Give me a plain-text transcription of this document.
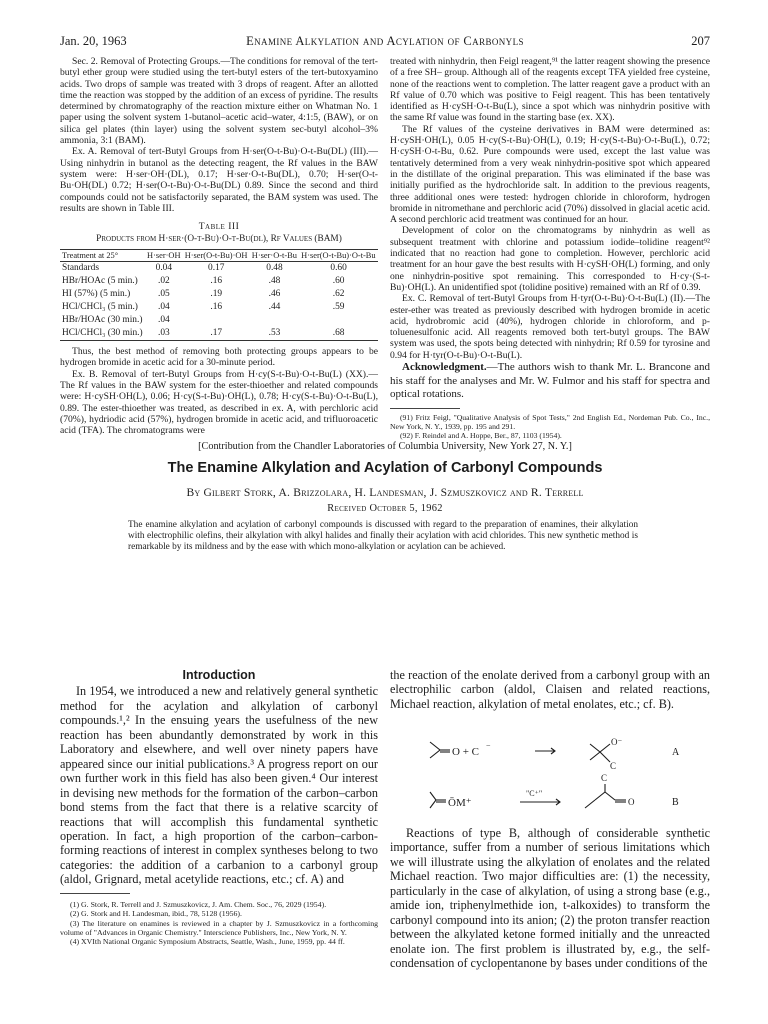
Jan. 20, 1963	Enamine Alkylation and Acylation of Carbonyls	207

Sec. 2. Removal of Protecting Groups.—The conditions for removal of the tert-butyl ether group were studied using the tert-butyl esters of the tert-butoxyamino acids. Two drops of sample was treated with 3 drops of reagent. After an allotted time the reaction was stopped by the addition of an excess of pyridine. The results determined by chromatography of the reaction mixture either on Whatman No. 1 paper using the solvent system 1-butanol–acetic acid–water, 4:1:5, (BAW), or on silica gel plates (thin layer) using the solvent system sec-butyl alcohol–3% ammonia, 3:1 (BAM).

Ex. A. Removal of tert-Butyl Groups from H·ser(O-t-Bu)·O-t-Bu(DL) (III).—Using ninhydrin in butanol as the detecting reagent, the Rf values in the BAW system were: H·ser·OH·(DL), 0.17; H·ser·O-t-Bu(DL), 0.70; H·ser(O-t-Bu·OH(DL) 0.72; H·ser(O-t-Bu)·O-t-Bu(DL) 0.89. Since the second and third compounds could not be satisfactorily separated, the BAM system was used. The results are shown in Table III.

Table III
Products from H·ser·(O-t-Bu)·O-t-Bu(dl), Rf Values (BAM)
Treatment at 25°	H·ser·OH	H·ser(O-t-Bu)·OH	H·ser·O-t-Bu	H·ser(O-t-Bu)·O-t-Bu
Standards	0.04	0.17	0.48	0.60
HBr/HOAc (5 min.)	.02	.16	.48	.60
HI (57%) (5 min.)	.05	.19	.46	.62
HCl/CHCl₃ (5 min.)	.04	.16	.44	.59
HBr/HOAc (30 min.)	.04			
HCl/CHCl₃ (30 min.)	.03	.17	.53	.68

Thus, the best method of removing both protecting groups appears to be hydrogen bromide in acetic acid for a 30-minute period.

Ex. B. Removal of tert-Butyl Groups from H·cy(S-t-Bu)·O-t-Bu(L) (XX).—The Rf values in the BAW system for the ester-thioether and related compounds were: H·cySH·OH(L), 0.06; H·cy(S-t-Bu)·OH(L), 0.78; H·cy(S-t-Bu)·O-t-Bu(L), 0.89. The ester-thioether was treated, as described in ex. A, with perchloric acid (70%), hydriodic acid (57%), hydrogen bromide in acetic acid, and trifluoroacetic acid (TFA). The chromatograms were

treated with ninhydrin, then Feigl reagent,⁹¹ the latter reagent showing the presence of a free SH– group. Although all of the reagents except TFA yielded free cysteine, none of the reactions went to completion. The latter reagent gave a product with an Rf value of 0.70 which was positive to Feigl reagent. This has been tentatively identified as H·cySH·O-t-Bu(L), since a spot which was ninhydrin positive with the same Rf value was found in the starting base (ex. XX).

The Rf values of the cysteine derivatives in BAM were determined as: H·cySH·OH(L), 0.05 H·cy(S-t-Bu)·OH(L), 0.19; H·cy(S-t-Bu)·O-t-Bu(L), 0.72; H·cySH·O-t-Bu, 0.62. Pure compounds were used, except the last value was tentatively determined from a very weak ninhydrin-positive spot which appeared in the distillate of the original preparation. This was eliminated if the base was initially purified as the hydrochloride salt. In addition to the previous reagents, three additional ones were tested: hydrogen chloride in chloroform, hydrogen bromide in nitromethane and perchloric acid (70%) dissolved in glacial acetic acid. A second perchloric acid treatment was continued for an hour.

Development of color on the chromatograms by ninhydrin as well as subsequent treatment with chlorine and potassium iodide–tolidine reagent⁹² indicated that no reaction had gone to completion. However, perchloric acid treatment for an hour gave the best results with H·cySH·OH(L) forming, and only one ninhydrin-positive spot remaining. This corresponded to H·cy·(S-t-Bu)·OH(L). An unidentified spot (tolidine positive) remained with an Rf of 0.39.

Ex. C. Removal of tert-Butyl Groups from H·tyr(O-t-Bu)·O-t-Bu(L) (II).—The ester-ether was treated as previously described with hydrogen bromide in acetic acid, hydrobromic acid (40%), hydrogen chloride in chloroform, and p-toluenesulfonic acid. All reagents removed both tert-butyl groups. The BAW system was used, the spots being detected with ninhydrin; Rf 0.59 for tyrosine and 0.94 for H·tyr(O-t-Bu)·O-t-Bu(L).

Acknowledgment.—The authors wish to thank Mr. L. Brancone and his staff for the analyses and Mr. W. Fulmor and his staff for spectra and optical rotations.

(91) Fritz Feigl, "Qualitative Analysis of Spot Tests," 2nd English Ed., Nordeman Pub. Co., Inc., New York, N. Y., 1939, pp. 195 and 291.

(92) F. Reindel and A. Hoppe, Ber., 87, 1103 (1954).

[Contribution from the Chandler Laboratories of Columbia University, New York 27, N. Y.]
The Enamine Alkylation and Acylation of Carbonyl Compounds
By Gilbert Stork, A. Brizzolara, H. Landesman, J. Szmuszkovicz and R. Terrell
Received October 5, 1962
The enamine alkylation and acylation of carbonyl compounds is discussed with regard to the preparation of enamines, their alkylation with electrophilic olefins, their alkylation with alkyl halides and finally their acylation with acid chlorides. This new synthetic method is remarkable by its mildness and by the ease with which mono-alkylation or acylation can be achieved.
Introduction

In 1954, we introduced a new and relatively general synthetic method for the acylation and alkylation of carbonyl compounds.¹,² In the ensuing years the usefulness of the new reaction has been abundantly demonstrated by work in this Laboratory and elsewhere, and well over ninety papers have appeared since our initial publications.³ A progress report on our own further work in this field has also been given.⁴ Our interest in devising new methods for the formation of the carbon–carbon bond stems from the fact that there is a relative scarcity of reactions that will accomplish this fundamental synthetic operation. In fact, a high proportion of the carbon–carbon-forming reactions of interest in complex syntheses belong to two categories: the addition of a carbanion to a carbonyl group (aldol, Grignard, metal acetylide reactions, etc.; cf. A) and

(1) G. Stork, R. Terrell and J. Szmuszkovicz, J. Am. Chem. Soc., 76, 2029 (1954).

(2) G. Stork and H. Landesman, ibid., 78, 5128 (1956).

(3) The literature on enamines is reviewed in a chapter by J. Szmuszkovicz in a forthcoming volume of "Advances in Organic Chemistry." Interscience Publishers, Inc., New York, N. Y.

(4) XVIth National Organic Symposium Abstracts, Seattle, Wash., June, 1959, pp. 44 ff.

the reaction of the enolate derived from a carbonyl group with an electrophilic carbon (aldol, Claisen and related reactions, Michael reaction, alkylation of metal enolates, etc.; cf. B).

O + C
−	O⁻
C
A
ŌM⁺
"C⁺"
C
O	B

Reactions of type B, although of considerable synthetic importance, suffer from a number of serious limitations which we will illustrate using the alkylation of enolates and the related Michael reaction. Two major difficulties are: (1) the necessity, particularly in the case of alkylation, of using a strong base (e.g., amide ion, triphenylmethide ion, t-alkoxides) to transform the carbonyl compound into its anion; (2) the proton transfer reaction between the alkylated ketone formed initially and the unreacted enolate ion. The first problem is illustrated by, e.g., the self-condensation of cyclopentanone by bases under conditions of the
